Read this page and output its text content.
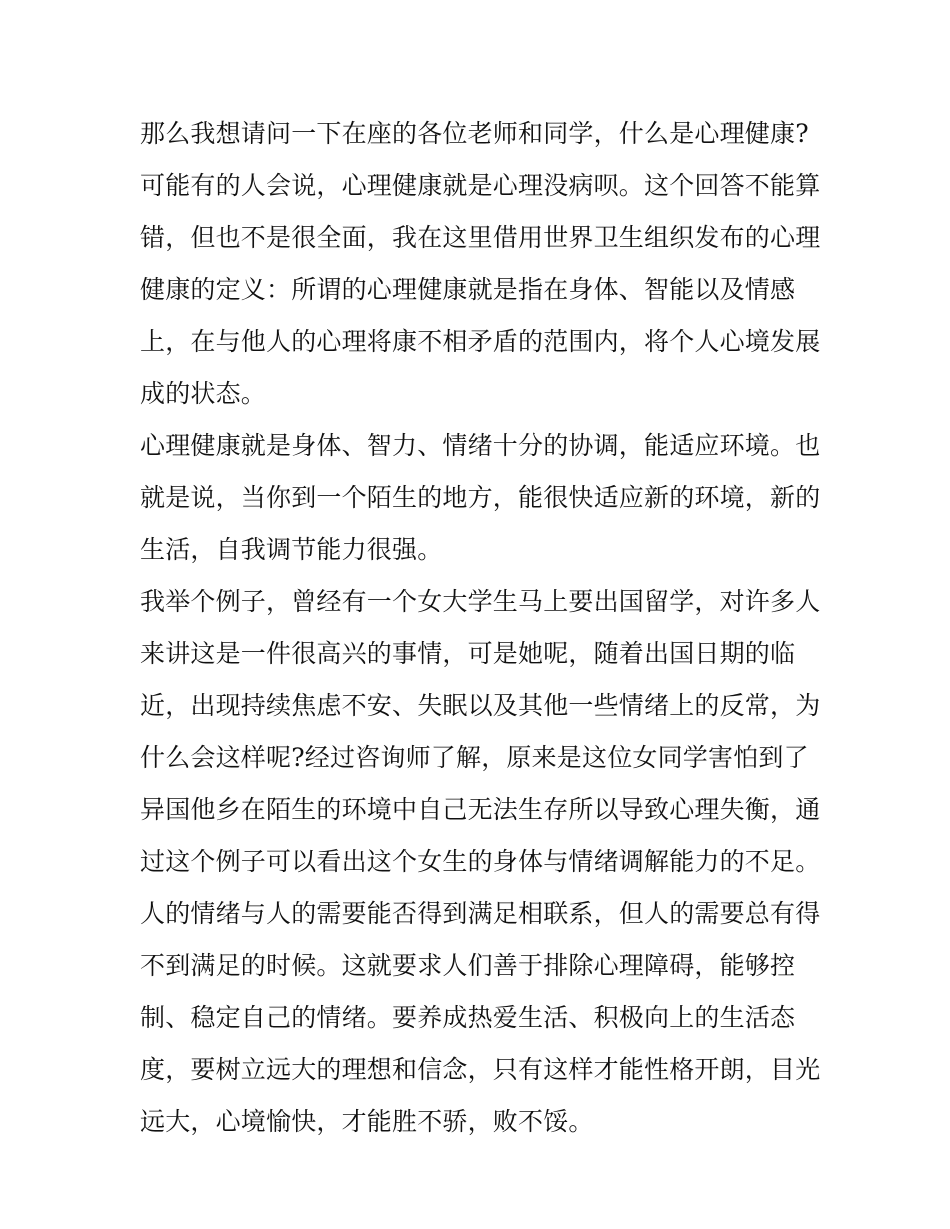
那么我想请问一下在座的各位老师和同学，什么是心理健康?
可能有的人会说，心理健康就是心理没病呗。这个回答不能算
错，但也不是很全面，我在这里借用世界卫生组织发布的心理
健康的定义：所谓的心理健康就是指在身体、智能以及情感
上，在与他人的心理将康不相矛盾的范围内，将个人心境发展
成的状态。
心理健康就是身体、智力、情绪十分的协调，能适应环境。也
就是说，当你到一个陌生的地方，能很快适应新的环境，新的
生活，自我调节能力很强。
我举个例子，曾经有一个女大学生马上要出国留学，对许多人
来讲这是一件很高兴的事情，可是她呢，随着出国日期的临
近，出现持续焦虑不安、失眠以及其他一些情绪上的反常，为
什么会这样呢?经过咨询师了解，原来是这位女同学害怕到了
异国他乡在陌生的环境中自己无法生存所以导致心理失衡，通
过这个例子可以看出这个女生的身体与情绪调解能力的不足。
人的情绪与人的需要能否得到满足相联系，但人的需要总有得
不到满足的时候。这就要求人们善于排除心理障碍，能够控
制、稳定自己的情绪。要养成热爱生活、积极向上的生活态
度，要树立远大的理想和信念，只有这样才能性格开朗，目光
远大，心境愉快，才能胜不骄，败不馁。
